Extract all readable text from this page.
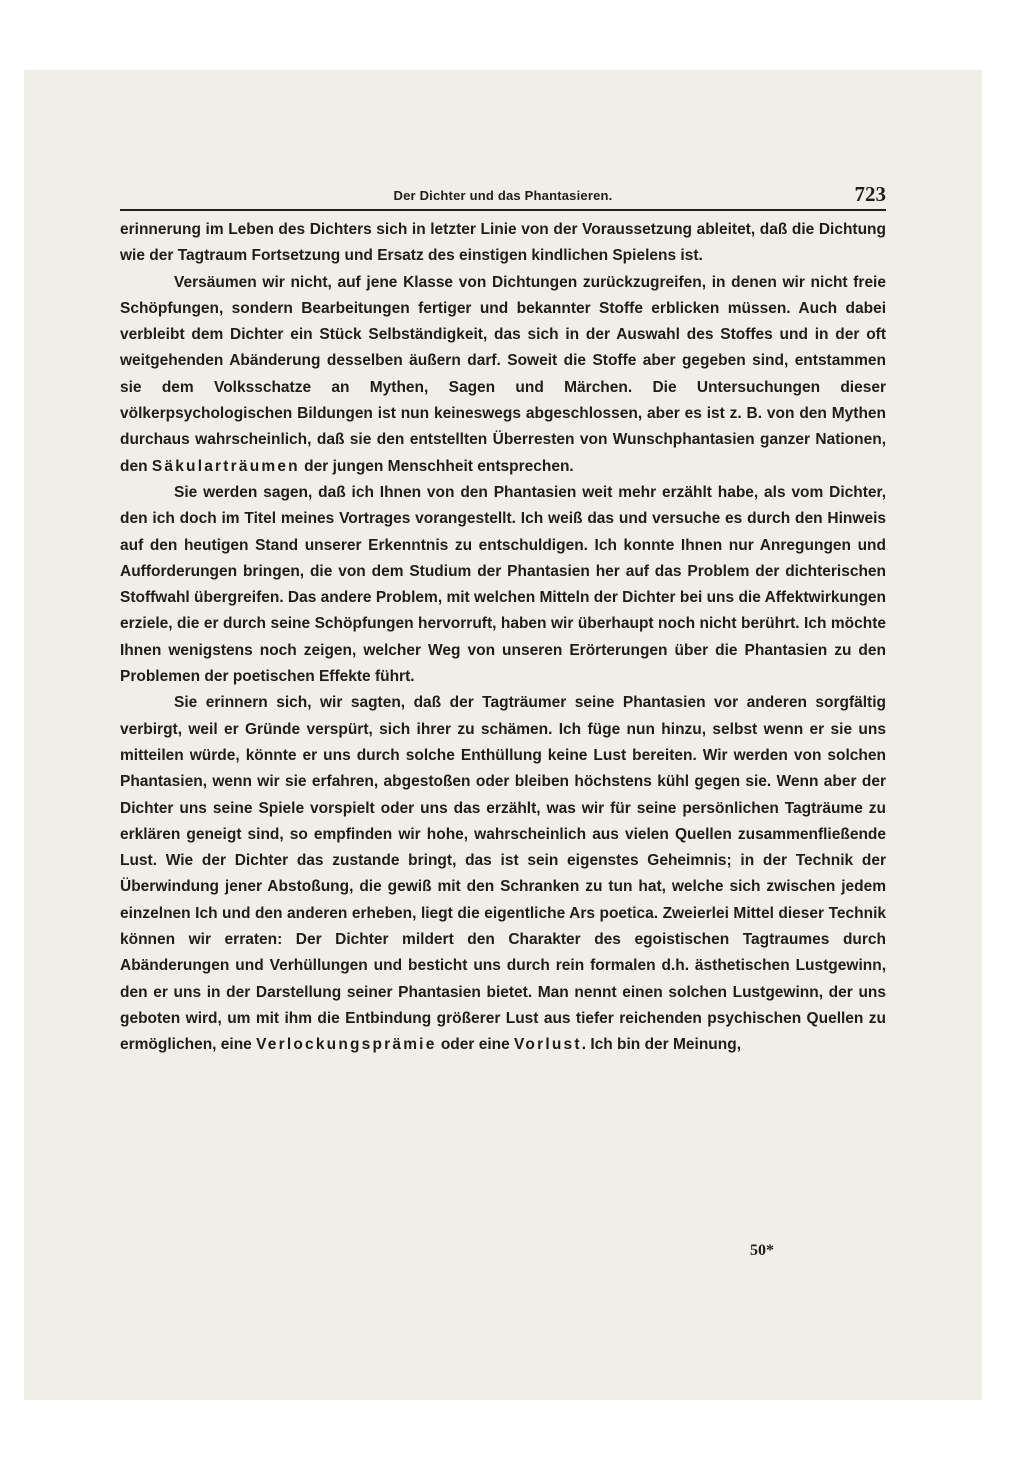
Der Dichter und das Phantasieren.	723

erinnerung im Leben des Dichters sich in letzter Linie von der Voraussetzung ableitet, daß die Dichtung wie der Tagtraum Fortsetzung und Ersatz des einstigen kindlichen Spielens ist.

Versäumen wir nicht, auf jene Klasse von Dichtungen zurückzugreifen, in denen wir nicht freie Schöpfungen, sondern Bearbeitungen fertiger und bekannter Stoffe erblicken müssen. Auch dabei verbleibt dem Dichter ein Stück Selbständigkeit, das sich in der Auswahl des Stoffes und in der oft weitgehenden Abänderung desselben äußern darf. Soweit die Stoffe aber gegeben sind, entstammen sie dem Volksschatze an Mythen, Sagen und Märchen. Die Untersuchungen dieser völkerpsychologischen Bildungen ist nun keineswegs abgeschlossen, aber es ist z. B. von den Mythen durchaus wahrscheinlich, daß sie den entstellten Überresten von Wunschphantasien ganzer Nationen, den Säkularträumen der jungen Menschheit entsprechen.

Sie werden sagen, daß ich Ihnen von den Phantasien weit mehr erzählt habe, als vom Dichter, den ich doch im Titel meines Vortrages vorangestellt. Ich weiß das und versuche es durch den Hinweis auf den heutigen Stand unserer Erkenntnis zu entschuldigen. Ich konnte Ihnen nur Anregungen und Aufforderungen bringen, die von dem Studium der Phantasien her auf das Problem der dichterischen Stoffwahl übergreifen. Das andere Problem, mit welchen Mitteln der Dichter bei uns die Affektwirkungen erziele, die er durch seine Schöpfungen hervorruft, haben wir überhaupt noch nicht berührt. Ich möchte Ihnen wenigstens noch zeigen, welcher Weg von unseren Erörterungen über die Phantasien zu den Problemen der poetischen Effekte führt.

Sie erinnern sich, wir sagten, daß der Tagträumer seine Phantasien vor anderen sorgfältig verbirgt, weil er Gründe verspürt, sich ihrer zu schämen. Ich füge nun hinzu, selbst wenn er sie uns mitteilen würde, könnte er uns durch solche Enthüllung keine Lust bereiten. Wir werden von solchen Phantasien, wenn wir sie erfahren, abgestoßen oder bleiben höchstens kühl gegen sie. Wenn aber der Dichter uns seine Spiele vorspielt oder uns das erzählt, was wir für seine persönlichen Tagträume zu erklären geneigt sind, so empfinden wir hohe, wahrscheinlich aus vielen Quellen zusammenfließende Lust. Wie der Dichter das zustande bringt, das ist sein eigenstes Geheimnis; in der Technik der Überwindung jener Abstoßung, die gewiß mit den Schranken zu tun hat, welche sich zwischen jedem einzelnen Ich und den anderen erheben, liegt die eigentliche Ars poetica. Zweierlei Mittel dieser Technik können wir erraten: Der Dichter mildert den Charakter des egoistischen Tagtraumes durch Abänderungen und Verhüllungen und besticht uns durch rein formalen d.h. ästhetischen Lustgewinn, den er uns in der Darstellung seiner Phantasien bietet. Man nennt einen solchen Lustgewinn, der uns geboten wird, um mit ihm die Entbindung größerer Lust aus tiefer reichenden psychischen Quellen zu ermöglichen, eine Verlockungsprämie oder eine Vorlust. Ich bin der Meinung,

50*
